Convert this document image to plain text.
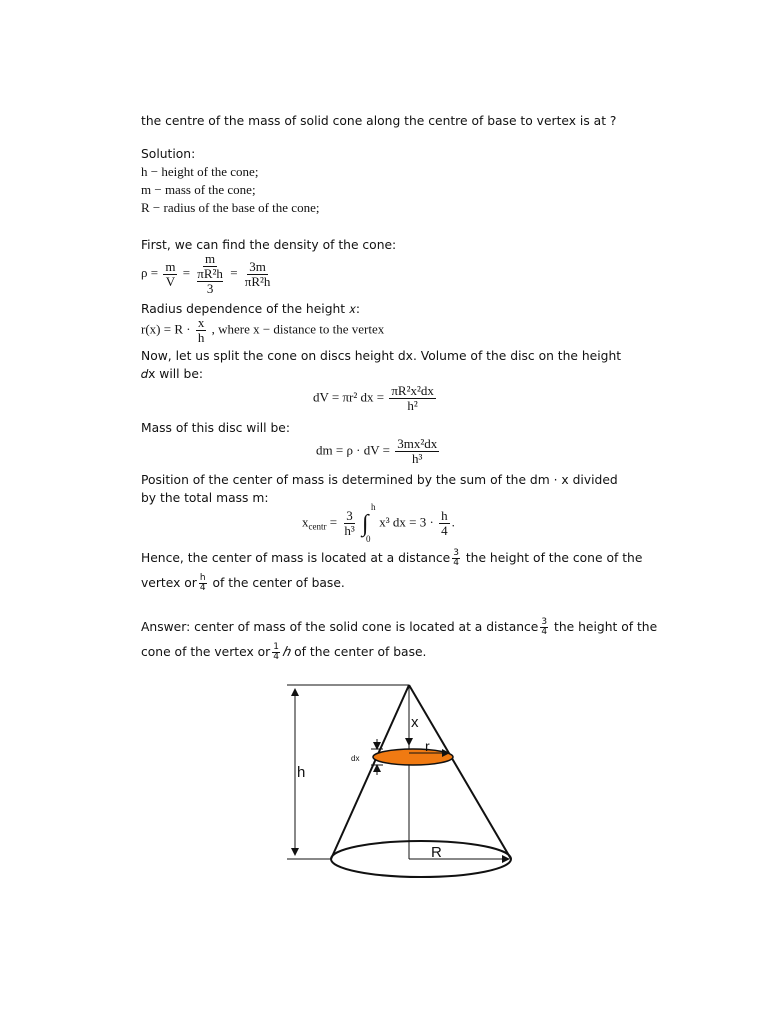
the centre of the mass of solid cone along the centre of base to vertex is at ?
Solution:
h − height of the cone;
m − mass of the cone;
R − radius of the base of the cone;
First, we can find the density of the cone:
$\rho = \frac{m}{V} = m$
πR²h
$3 = \frac{3m}{\text{πR²h}}$
Radius dependence of the height 𝑥:
$r(x) = R \cdot \frac{x}{h}$ , where x − distance to the vertex
Now, let us split the cone on discs height dx. Volume of the disc on the height 𝑑x will be:
dV = πr² dx = $\frac{\text{πR²x²dx}}{\text{h²}}$
Mass of this disc will be:
dm = ρ · dV = $\frac{\text{3mx²dx}}{\text{h³}}$
Position of the center of mass is determined by the sum of the dm · x divided by the total mass m:
$x_{centr} = \frac{3}{\text{h³}}$ ∫
h
0
x³ dx = $3 \cdot \frac{h}{4}$ .
Hence, the center of mass is located at a distance $\frac{3}{4}$ the height of the cone of the
vertex or $\frac{h}{4}$ of the center of base.
Answer: center of mass of the solid cone is located at a distance $\frac{3}{4}$ the height of the
cone of the vertex or $\frac{1}{4}$ ℎ of the center of base.
h
x
r
dx
R
